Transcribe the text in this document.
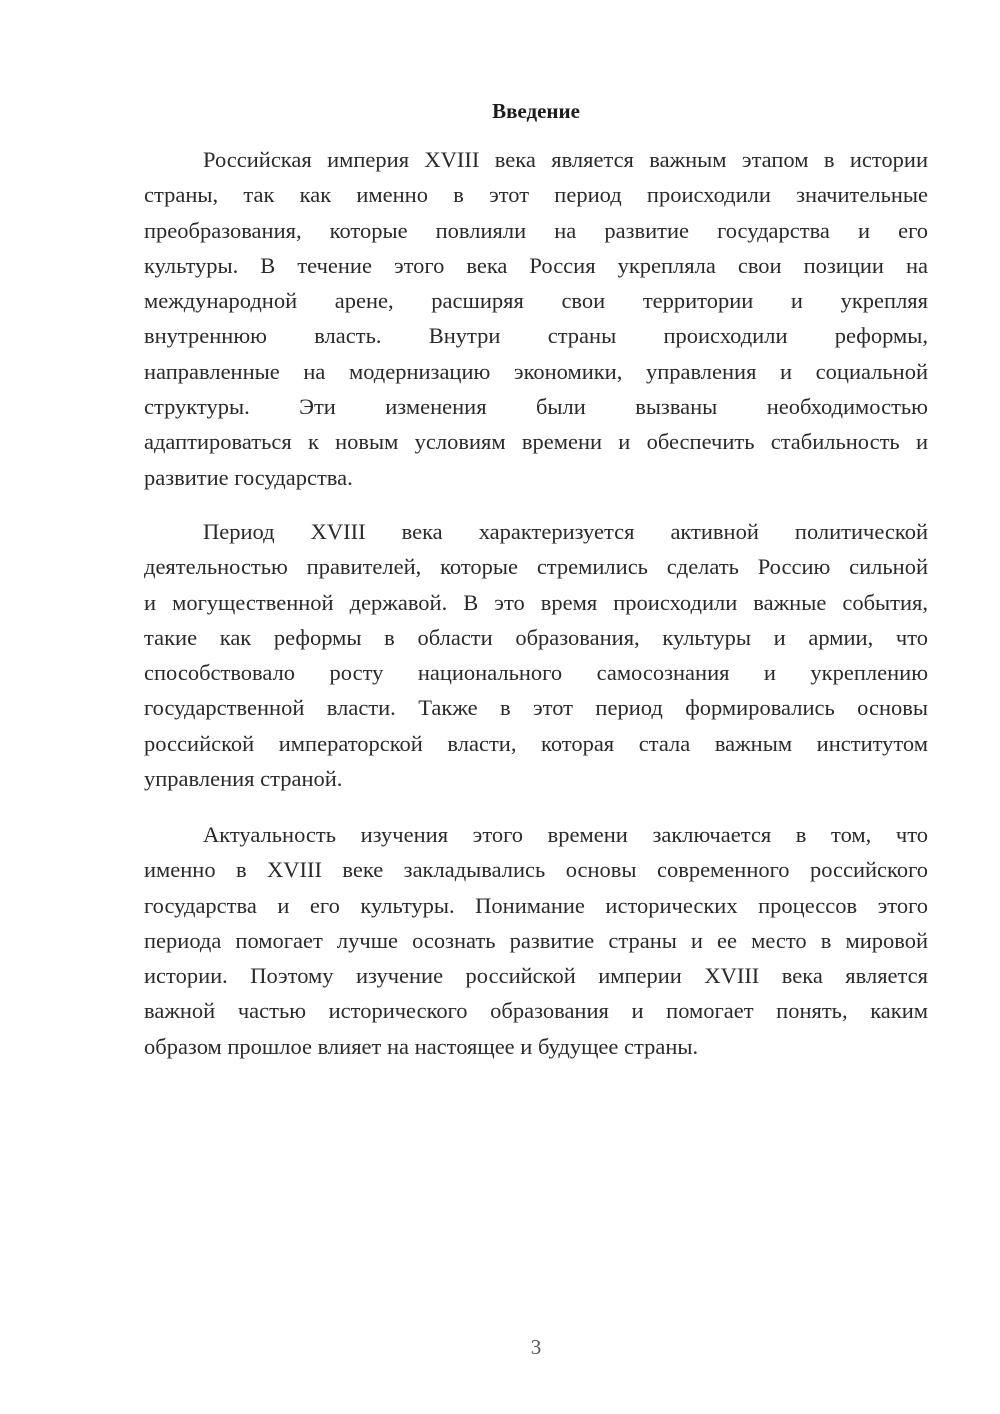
Введение
Российская империя XVIII века является важным этапом в истории
страны, так как именно в этот период происходили значительные
преобразования, которые повлияли на развитие государства и его
культуры. В течение этого века Россия укрепляла свои позиции на
международной арене, расширяя свои территории и укрепляя
внутреннюю власть. Внутри страны происходили реформы,
направленные на модернизацию экономики, управления и социальной
структуры. Эти изменения были вызваны необходимостью
адаптироваться к новым условиям времени и обеспечить стабильность и
развитие государства.
Период XVIII века характеризуется активной политической
деятельностью правителей, которые стремились сделать Россию сильной
и могущественной державой. В это время происходили важные события,
такие как реформы в области образования, культуры и армии, что
способствовало росту национального самосознания и укреплению
государственной власти. Также в этот период формировались основы
российской императорской власти, которая стала важным институтом
управления страной.
Актуальность изучения этого времени заключается в том, что
именно в XVIII веке закладывались основы современного российского
государства и его культуры. Понимание исторических процессов этого
периода помогает лучше осознать развитие страны и ее место в мировой
истории. Поэтому изучение российской империи XVIII века является
важной частью исторического образования и помогает понять, каким
образом прошлое влияет на настоящее и будущее страны.
3
